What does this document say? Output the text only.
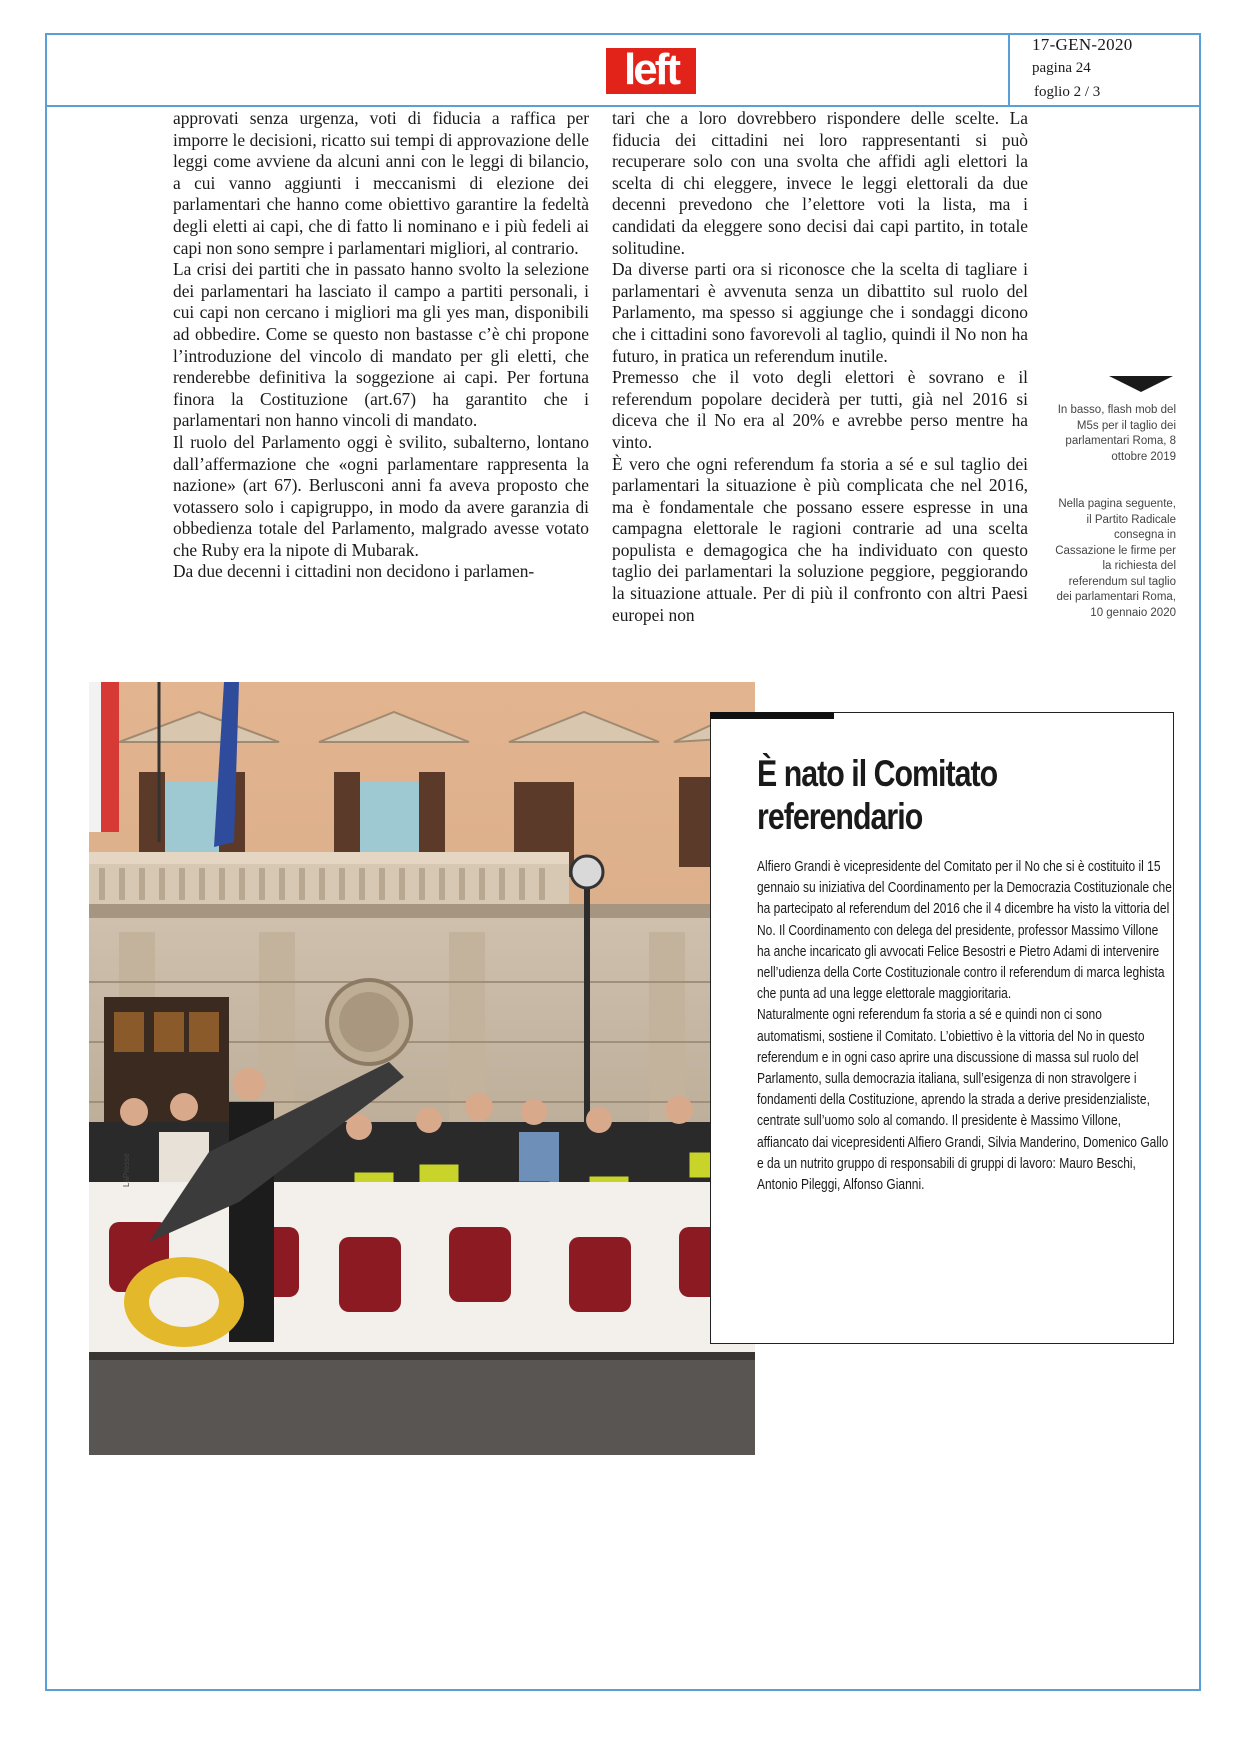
left
17-GEN-2020
pagina 24
foglio 2 / 3

approvati senza urgenza, voti di fiducia a raffica per imporre le decisioni, ricatto sui tempi di approvazione delle leggi come avviene da alcuni anni con le leggi di bilancio, a cui vanno aggiunti i meccanismi di elezione dei parlamentari che hanno come obiettivo garantire la fedeltà degli eletti ai capi, che di fatto li nominano e i più fedeli ai capi non sono sempre i parlamentari migliori, al contrario.

La crisi dei partiti che in passato hanno svolto la selezione dei parlamentari ha lasciato il campo a partiti personali, i cui capi non cercano i migliori ma gli yes man, disponibili ad obbedire. Come se questo non bastasse c’è chi propone l’introduzione del vincolo di mandato per gli eletti, che renderebbe definitiva la soggezione ai capi. Per fortuna finora la Costituzione (art.67) ha garantito che i parlamentari non hanno vincoli di mandato.

Il ruolo del Parlamento oggi è svilito, subalterno, lontano dall’affermazione che «ogni parlamentare rappresenta la nazione» (art 67). Berlusconi anni fa aveva proposto che votassero solo i capigruppo, in modo da avere garanzia di obbedienza totale del Parlamento, malgrado avesse votato che Ruby era la nipote di Mubarak.

Da due decenni i cittadini non decidono i parlamen-

tari che a loro dovrebbero rispondere delle scelte. La fiducia dei cittadini nei loro rappresentanti si può recuperare solo con una svolta che affidi agli elettori la scelta di chi eleggere, invece le leggi elettorali da due decenni prevedono che l’elettore voti la lista, ma i candidati da eleggere sono decisi dai capi partito, in totale solitudine.

Da diverse parti ora si riconosce che la scelta di tagliare i parlamentari è avvenuta senza un dibattito sul ruolo del Parlamento, ma spesso si aggiunge che i sondaggi dicono che i cittadini sono favorevoli al taglio, quindi il No non ha futuro, in pratica un referendum inutile.

Premesso che il voto degli elettori è sovrano e il referendum popolare deciderà per tutti, già nel 2016 si diceva che il No era al 20% e avrebbe perso mentre ha vinto.

È vero che ogni referendum fa storia a sé e sul taglio dei parlamentari la situazione è più complicata che nel 2016, ma è fondamentale che possano essere espresse in una campagna elettorale le ragioni contrarie ad una scelta populista e demagogica che ha individuato con questo taglio dei parlamentari la soluzione peggiore, peggiorando la situazione attuale. Per di più il confronto con altri Paesi europei non

In basso, flash mob del M5s per il taglio dei parlamentari Roma, 8 ottobre 2019
Nella pagina seguente, il Partito Radicale consegna in Cassazione le firme per la richiesta del referendum sul taglio dei parlamentari Roma, 10 gennaio 2020
LaPresse
È nato il Comitato referendario

Alfiero Grandi è vicepresidente del Comitato per il No che si è costituito il 15 gennaio su iniziativa del Coordinamento per la Democrazia Costituzionale che ha partecipato al referendum del 2016 che il 4 dicembre ha visto la vittoria del No. Il Coordinamento con delega del presidente, professor Massimo Villone ha anche incaricato gli avvocati Felice Besostri e Pietro Adami di intervenire nell’udienza della Corte Costituzionale contro il referendum di marca leghista che punta ad una legge elettorale maggioritaria.

Naturalmente ogni referendum fa storia a sé e quindi non ci sono automatismi, sostiene il Comitato. L’obiettivo è la vittoria del No in questo referendum e in ogni caso aprire una discussione di massa sul ruolo del Parlamento, sulla democrazia italiana, sull’esigenza di non stravolgere i fondamenti della Costituzione, aprendo la strada a derive presidenzialiste, centrate sull’uomo solo al comando. Il presidente è Massimo Villone, affiancato dai vicepresidenti Alfiero Grandi, Silvia Manderino, Domenico Gallo e da un nutrito gruppo di responsabili di gruppi di lavoro: Mauro Beschi, Antonio Pileggi, Alfonso Gianni.
